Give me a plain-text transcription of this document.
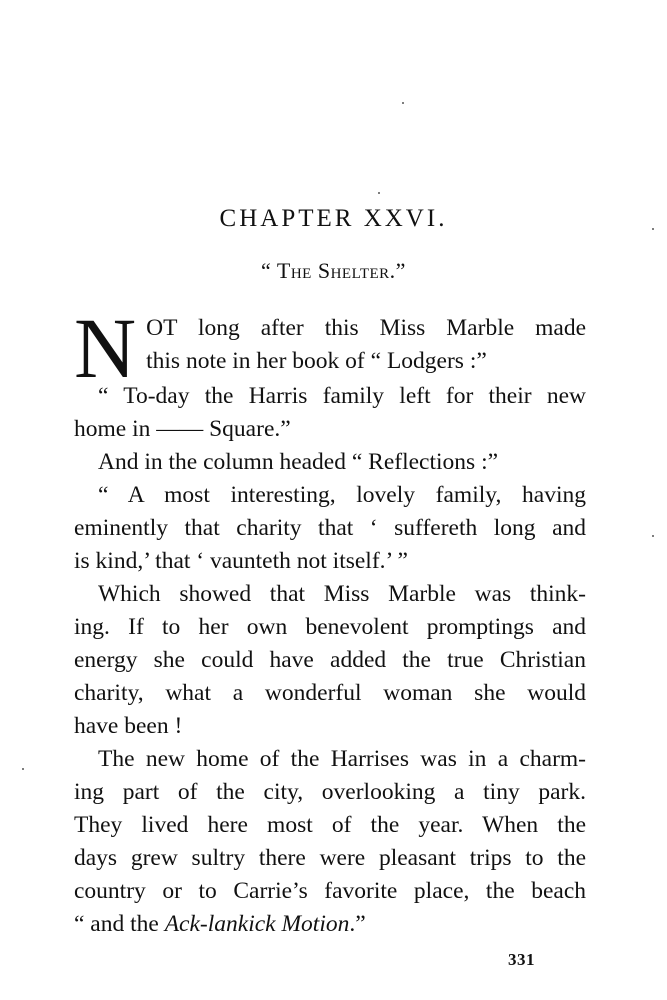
CHAPTER XXVI.
“ The Shelter.”
N OT long after this Miss Marble made
this note in her book of “ Lodgers :”
“ To-day the Harris family left for their new
home in —— Square.”
And in the column headed “ Reflections :”
“ A most interesting, lovely family, having
eminently that charity that ‘ suffereth long and
is kind,’ that ‘ vaunteth not itself.’ ”
Which showed that Miss Marble was think-
ing. If to her own benevolent promptings and
energy she could have added the true Christian
charity, what a wonderful woman she would
have been !
The new home of the Harrises was in a charm-
ing part of the city, overlooking a tiny park.
They lived here most of the year. When the
days grew sultry there were pleasant trips to the
country or to Carrie’s favorite place, the beach
“ and the Ack-lankick Motion.”
331
